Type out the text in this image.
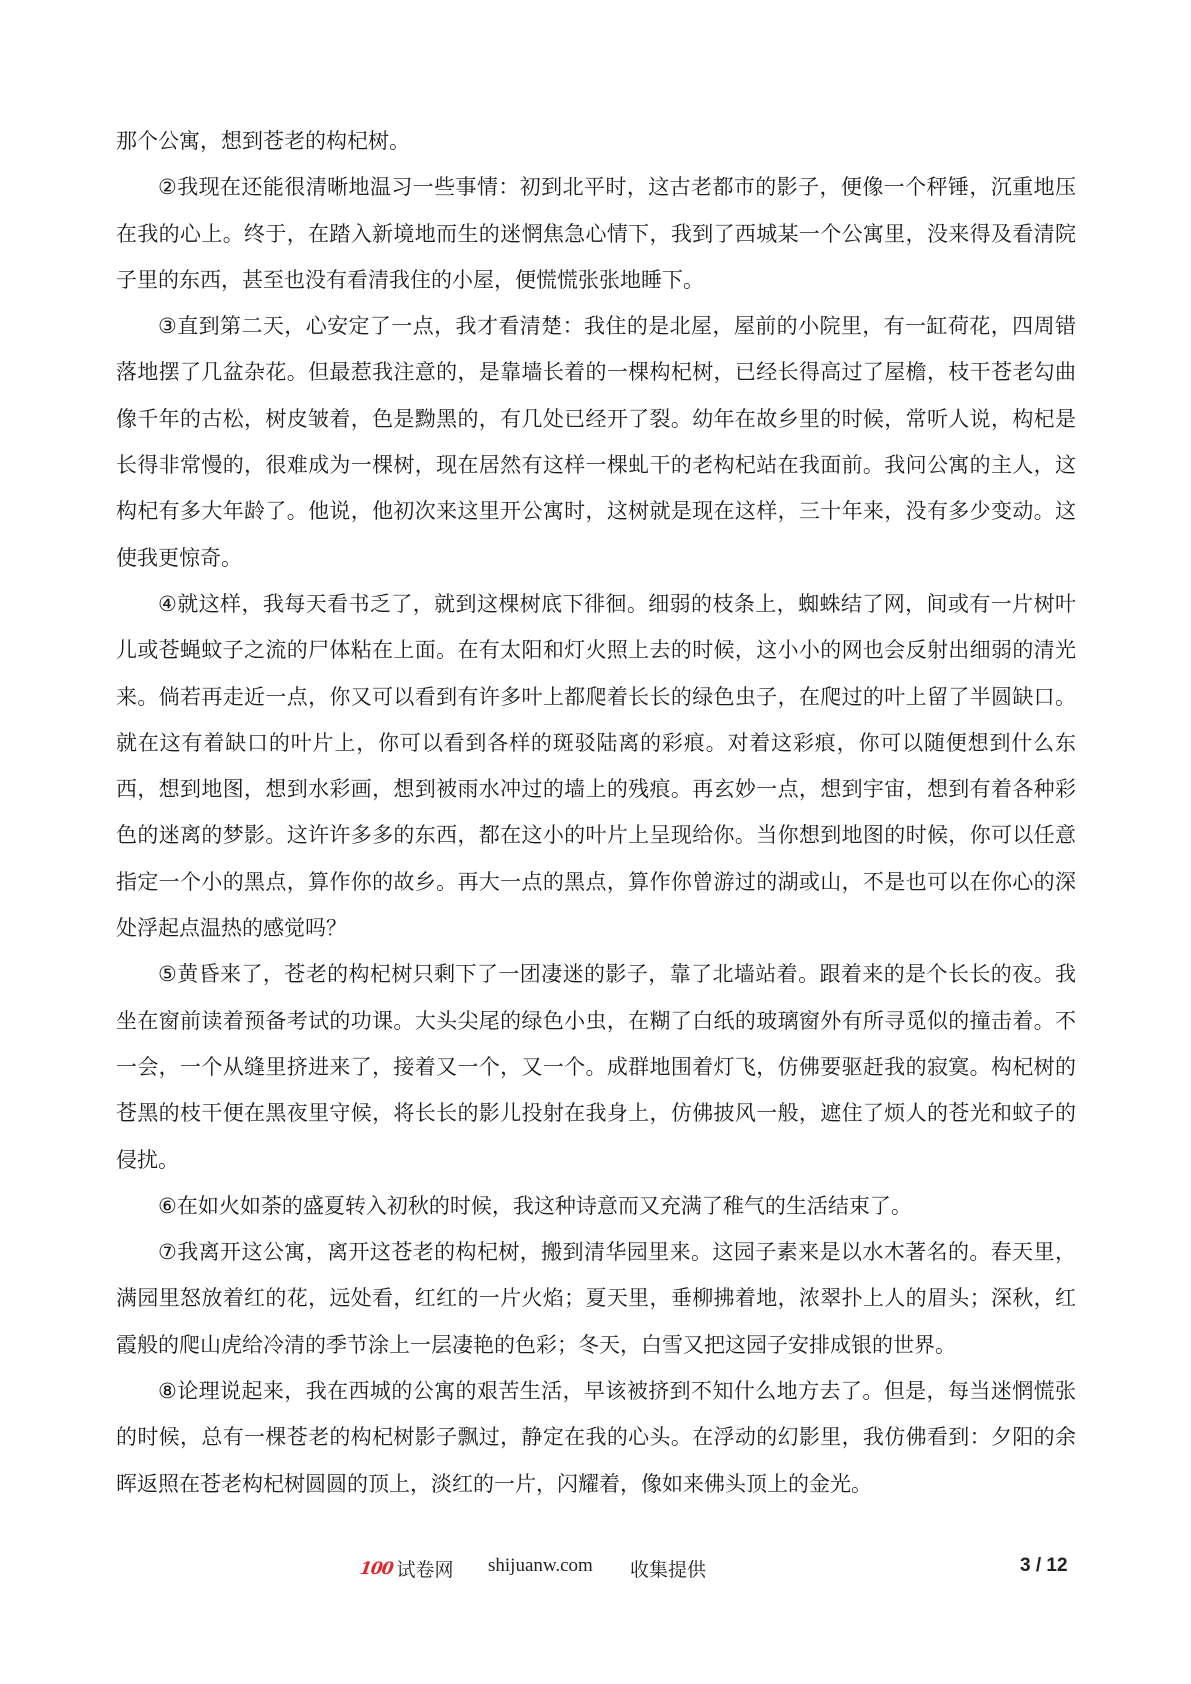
那个公寓，想到苍老的构杞树。

②我现在还能很清晰地温习一些事情：初到北平时，这古老都市的影子，便像一个秤锤，沉重地压在我的心上。终于，在踏入新境地而生的迷惘焦急心情下，我到了西城某一个公寓里，没来得及看清院子里的东西，甚至也没有看清我住的小屋，便慌慌张张地睡下。

③直到第二天，心安定了一点，我才看清楚：我住的是北屋，屋前的小院里，有一缸荷花，四周错落地摆了几盆杂花。但最惹我注意的，是靠墙长着的一棵构杞树，已经长得高过了屋檐，枝干苍老勾曲像千年的古松，树皮皱着，色是黝黑的，有几处已经开了裂。幼年在故乡里的时候，常听人说，构杞是长得非常慢的，很难成为一棵树，现在居然有这样一棵虬干的老构杞站在我面前。我问公寓的主人，这构杞有多大年龄了。他说，他初次来这里开公寓时，这树就是现在这样，三十年来，没有多少变动。这使我更惊奇。

④就这样，我每天看书乏了，就到这棵树底下徘徊。细弱的枝条上，蜘蛛结了网，间或有一片树叶儿或苍蝇蚊子之流的尸体粘在上面。在有太阳和灯火照上去的时候，这小小的网也会反射出细弱的清光来。倘若再走近一点，你又可以看到有许多叶上都爬着长长的绿色虫子，在爬过的叶上留了半圆缺口。就在这有着缺口的叶片上，你可以看到各样的斑驳陆离的彩痕。对着这彩痕，你可以随便想到什么东西，想到地图，想到水彩画，想到被雨水冲过的墙上的残痕。再玄妙一点，想到宇宙，想到有着各种彩色的迷离的梦影。这许许多多的东西，都在这小的叶片上呈现给你。当你想到地图的时候，你可以任意指定一个小的黑点，算作你的故乡。再大一点的黑点，算作你曾游过的湖或山，不是也可以在你心的深处浮起点温热的感觉吗？

⑤黄昏来了，苍老的构杞树只剩下了一团凄迷的影子，靠了北墙站着。跟着来的是个长长的夜。我坐在窗前读着预备考试的功课。大头尖尾的绿色小虫，在糊了白纸的玻璃窗外有所寻觅似的撞击着。不一会，一个从缝里挤进来了，接着又一个，又一个。成群地围着灯飞，仿佛要驱赶我的寂寞。构杞树的苍黑的枝干便在黑夜里守候，将长长的影儿投射在我身上，仿佛披风一般，遮住了烦人的苍光和蚊子的侵扰。

⑥在如火如荼的盛夏转入初秋的时候，我这种诗意而又充满了稚气的生活结束了。

⑦我离开这公寓，离开这苍老的构杞树，搬到清华园里来。这园子素来是以水木著名的。春天里，满园里怒放着红的花，远处看，红红的一片火焰；夏天里，垂柳拂着地，浓翠扑上人的眉头；深秋，红霞般的爬山虎给冷清的季节涂上一层凄艳的色彩；冬天，白雪又把这园子安排成银的世界。

⑧论理说起来，我在西城的公寓的艰苦生活，早该被挤到不知什么地方去了。但是，每当迷惘慌张的时候，总有一棵苍老的构杞树影子飘过，静定在我的心头。在浮动的幻影里，我仿佛看到：夕阳的余晖返照在苍老构杞树圆圆的顶上，淡红的一片，闪耀着，像如来佛头顶上的金光。

100 试卷网 shijuanw.com 收集提供	3 / 12
